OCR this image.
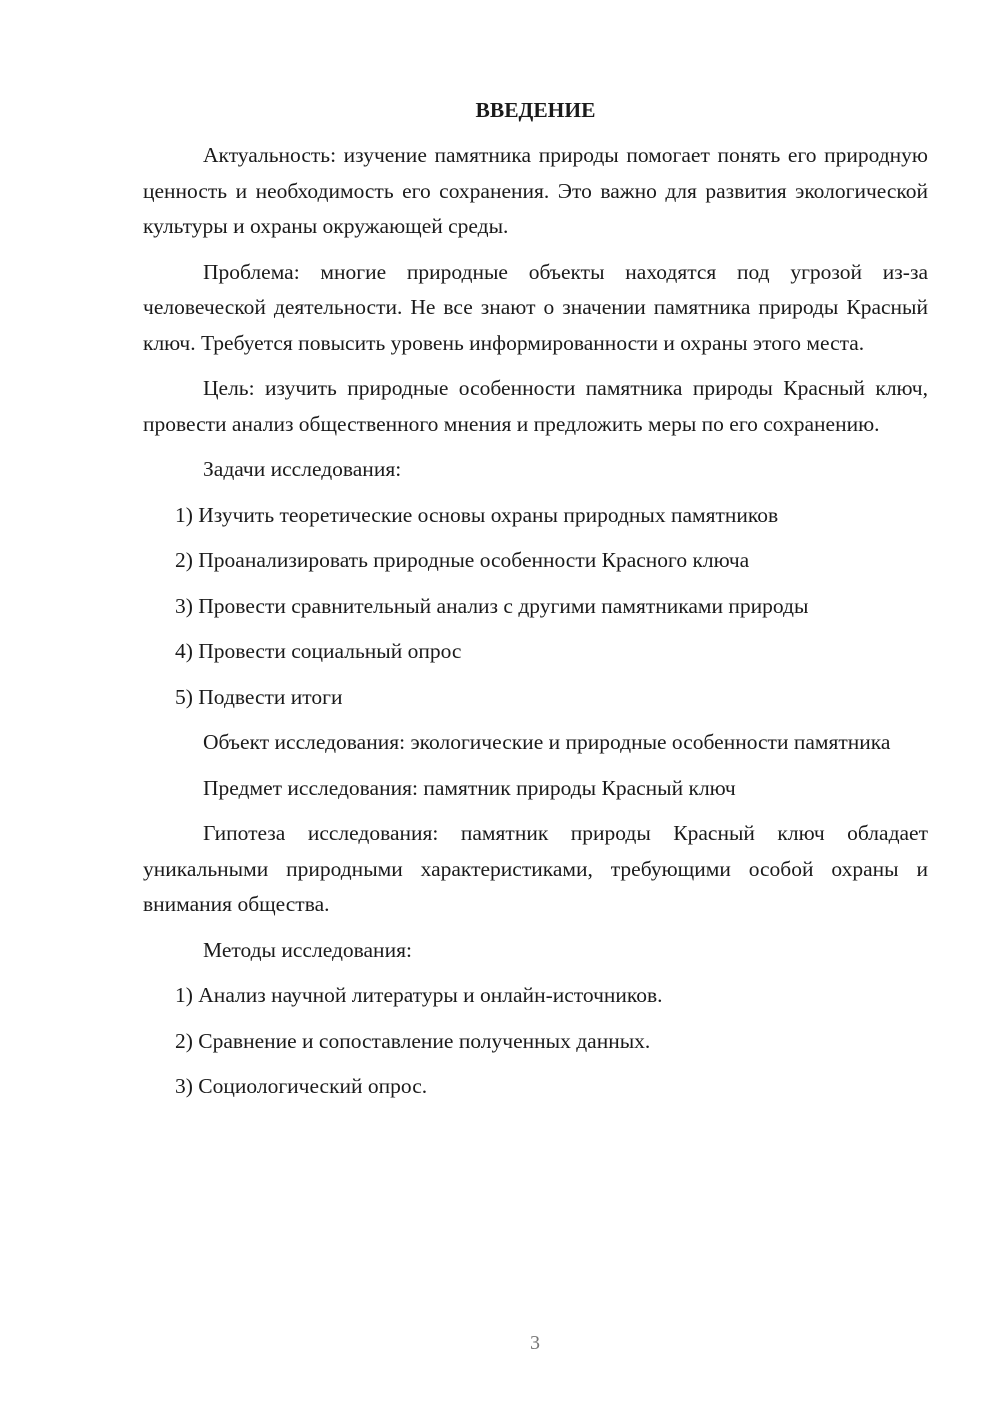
ВВЕДЕНИЕ

Актуальность: изучение памятника природы помогает понять его природную ценность и необходимость его сохранения. Это важно для развития экологической культуры и охраны окружающей среды.

Проблема: многие природные объекты находятся под угрозой из-за человеческой деятельности. Не все знают о значении памятника природы Красный ключ. Требуется повысить уровень информированности и охраны этого места.

Цель: изучить природные особенности памятника природы Красный ключ, провести анализ общественного мнения и предложить меры по его сохранению.

Задачи исследования:

1) Изучить теоретические основы охраны природных памятников
2) Проанализировать природные особенности Красного ключа
3) Провести сравнительный анализ с другими памятниками природы
4) Провести социальный опрос
5) Подвести итоги

Объект исследования: экологические и природные особенности памятника

Предмет исследования: памятник природы Красный ключ

Гипотеза исследования: памятник природы Красный ключ обладает уникальными природными характеристиками, требующими особой охраны и внимания общества.

Методы исследования:

1) Анализ научной литературы и онлайн-источников.
2) Сравнение и сопоставление полученных данных.
3) Социологический опрос.
3
